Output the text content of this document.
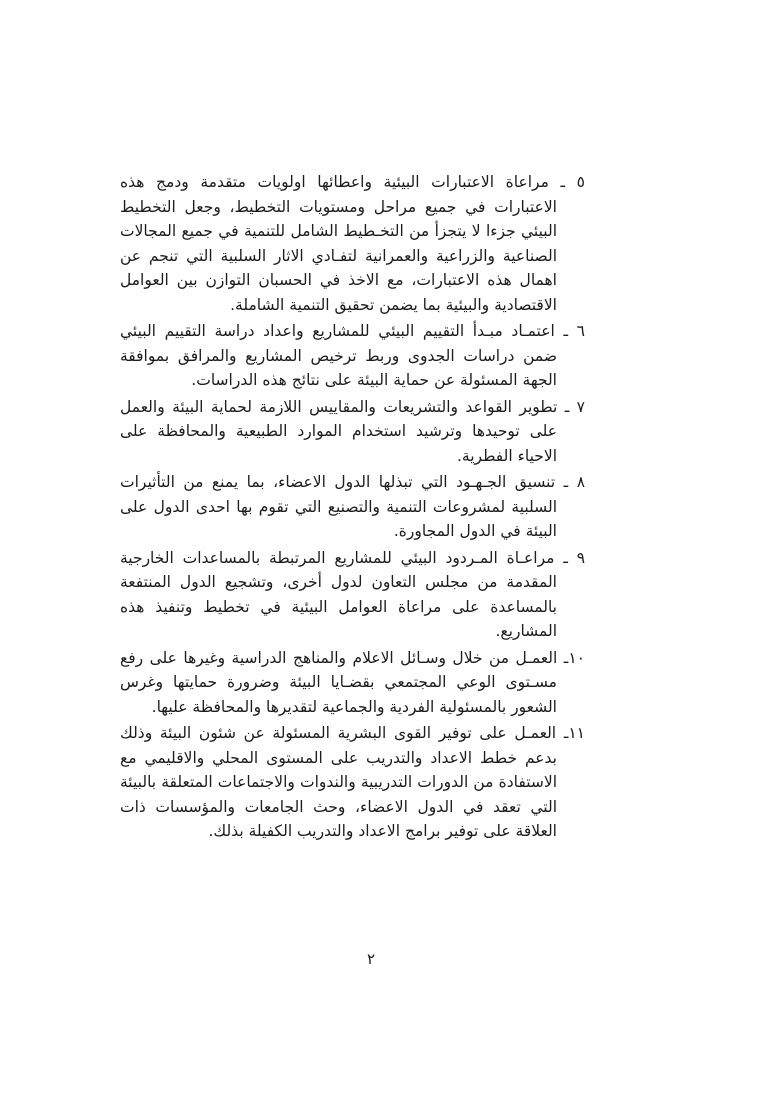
٥ ـ مراعاة الاعتبارات البيئية واعطائها اولويات متقدمة ودمج هذه الاعتبارات في جميع مراحل ومستويات التخطيط، وجعل التخطيط البيئي جزءا لا يتجزأ من التخـطيط الشامل للتنمية في جميع المجالات الصناعية والزراعية والعمرانية لتفـادي الاثار السلبية التي تنجم عن اهمال هذه الاعتبارات، مع الاخذ في الحسبان التوازن بين العوامل الاقتصادية والبيئية بما يضمن تحقيق التنمية الشاملة.

٦ ـ اعتمـاد مبـدأ التقييم البيئي للمشاريع واعداد دراسة التقييم البيئي ضمن دراسات الجدوى وربط ترخيص المشاريع والمرافق بموافقة الجهة المسئولة عن حماية البيئة على نتائج هذه الدراسات.

٧ ـ تطوير القواعد والتشريعات والمقاييس اللازمة لحماية البيئة والعمل على توحيدها وترشيد استخدام الموارد الطبيعية والمحافظة على الاحياء الفطرية.

٨ ـ تنسيق الجـهـود التي تبذلها الدول الاعضاء، بما يمنع من التأثيرات السلبية لمشروعات التنمية والتصنيع التي تقوم بها احدى الدول على البيئة في الدول المجاورة.

٩ ـ مراعـاة المـردود البيئي للمشاريع المرتبطة بالمساعدات الخارجية المقدمة من مجلس التعاون لدول أخرى، وتشجيع الدول المنتفعة بالمساعدة على مراعاة العوامل البيئية في تخطيط وتنفيذ هذه المشاريع.

١٠ـ العمـل من خلال وسـائل الاعلام والمناهج الدراسية وغيرها على رفع مسـتوى الوعي المجتمعي بقضـايا البيئة وضرورة حمايتها وغرس الشعور بالمسئولية الفردية والجماعية لتقديرها والمحافظة عليها.

١١ـ العمـل على توفير القوى البشرية المسئولة عن شئون البيئة وذلك بدعم خطط الاعداد والتدريب على المستوى المحلي والاقليمي مع الاستفادة من الدورات التدريبية والندوات والاجتماعات المتعلقة بالبيئة التي تعقد في الدول الاعضاء، وحث الجامعات والمؤسسات ذات العلاقة على توفير برامج الاعداد والتدريب الكفيلة بذلك.

٢
